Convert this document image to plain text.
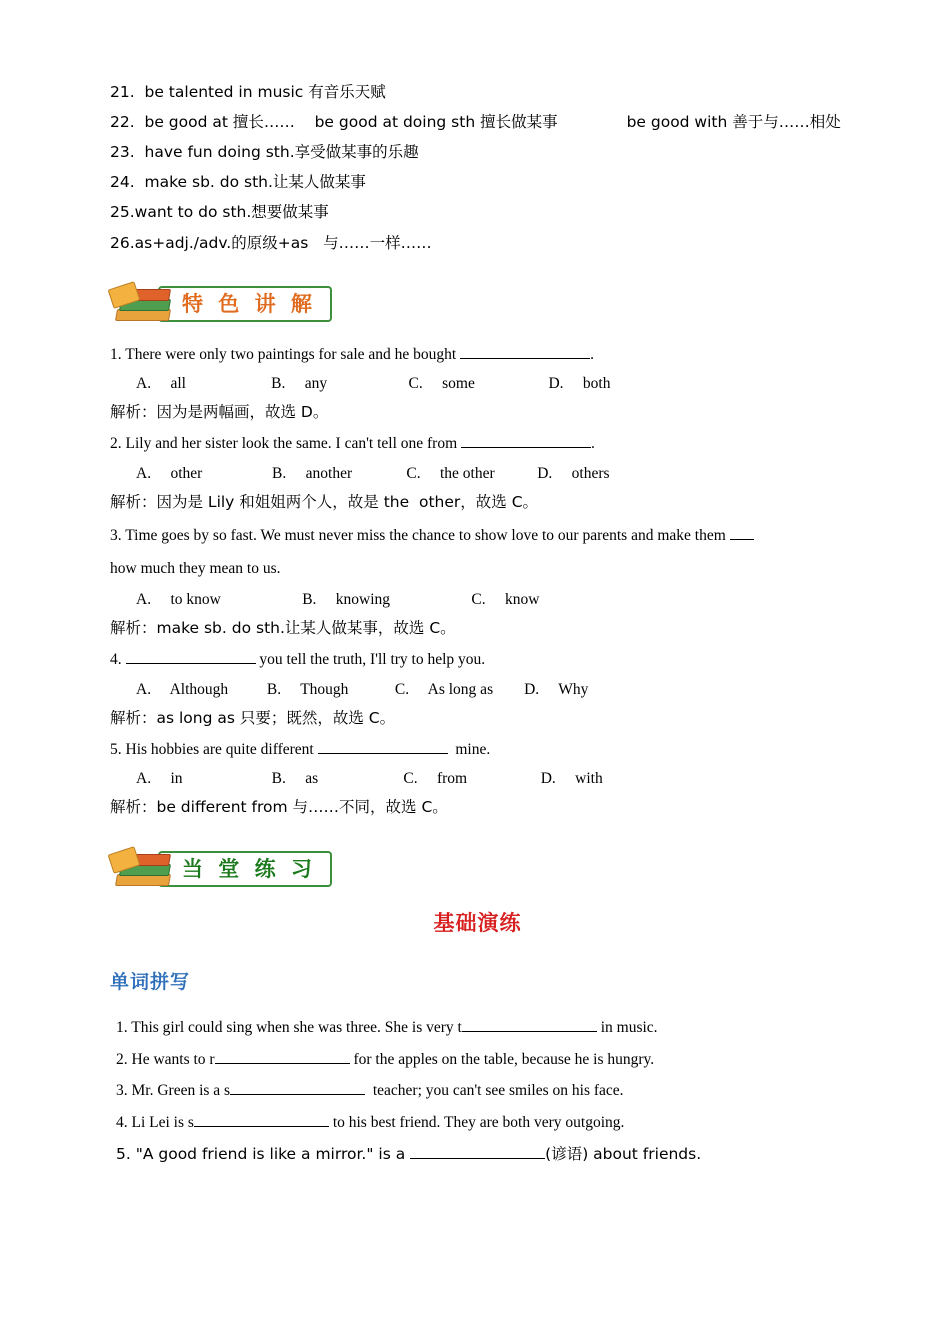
21.  be talented in music 有音乐天赋
22.  be good at 擅长……    be good at doing sth 擅长做某事              be good with 善于与……相处
23.  have fun doing sth.享受做某事的乐趣
24.  make sb. do sth.让某人做某事
25.want to do sth.想要做某事
26.as+adj./adv.的原级+as   与……一样……
特 色 讲 解
1. There were only two paintings for sale and he bought	.
A.     all                      B.     any                     C.     some                   D.     both
解析：因为是两幅画，故选 D。
2. Lily and her sister look the same. I can't tell one from	.
A.     other                  B.     another              C.     the other           D.     others
解析：因为是 Lily 和姐姐两个人，故是 the  other，故选 C。
3. Time goes by so fast. We must never miss the chance to show love to our parents and make them
how much they mean to us.
A.     to know                     B.     knowing                     C.     know
解析：make sb. do sth.让某人做某事，故选 C。
4.	you tell the truth, I'll try to help you.
A.     Although          B.     Though            C.     As long as        D.     Why
解析：as long as 只要；既然，故选 C。
5. His hobbies are quite different	mine.
A.     in                       B.     as                      C.     from                   D.     with
解析：be different from 与……不同，故选 C。
当 堂 练 习
基础演练
单词拼写
1. This girl could sing when she was three. She is very t	in music.
2. He wants to r	for the apples on the table, because he is hungry.
3. Mr. Green is a s	teacher; you can't see smiles on his face.
4. Li Lei is s	to his best friend. They are both very outgoing.
5. "A good friend is like a mirror." is a	(谚语) about friends.
